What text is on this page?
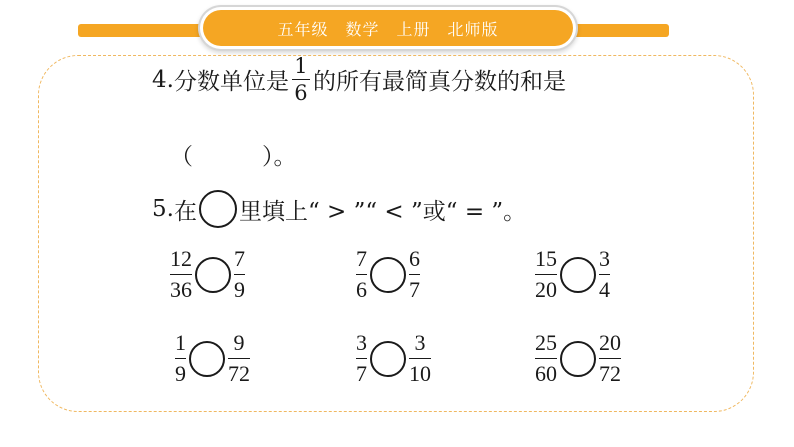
五年级　数学　上册　北师版
4. 分数单位是 $\frac{1}{6}$ 的所有最简真分数的和是
（　　　）。
5. 在 里填上“ > ”“ < ”或“ = ”。
$\frac{12}{36} \frac{7}{9}$	$\frac{7}{6} \frac{6}{7}$	$\frac{15}{20} \frac{3}{4}$
$\frac{1}{9} \frac{9}{72}$	$\frac{3}{7} \frac{3}{10}$	$\frac{25}{60} \frac{20}{72}$
